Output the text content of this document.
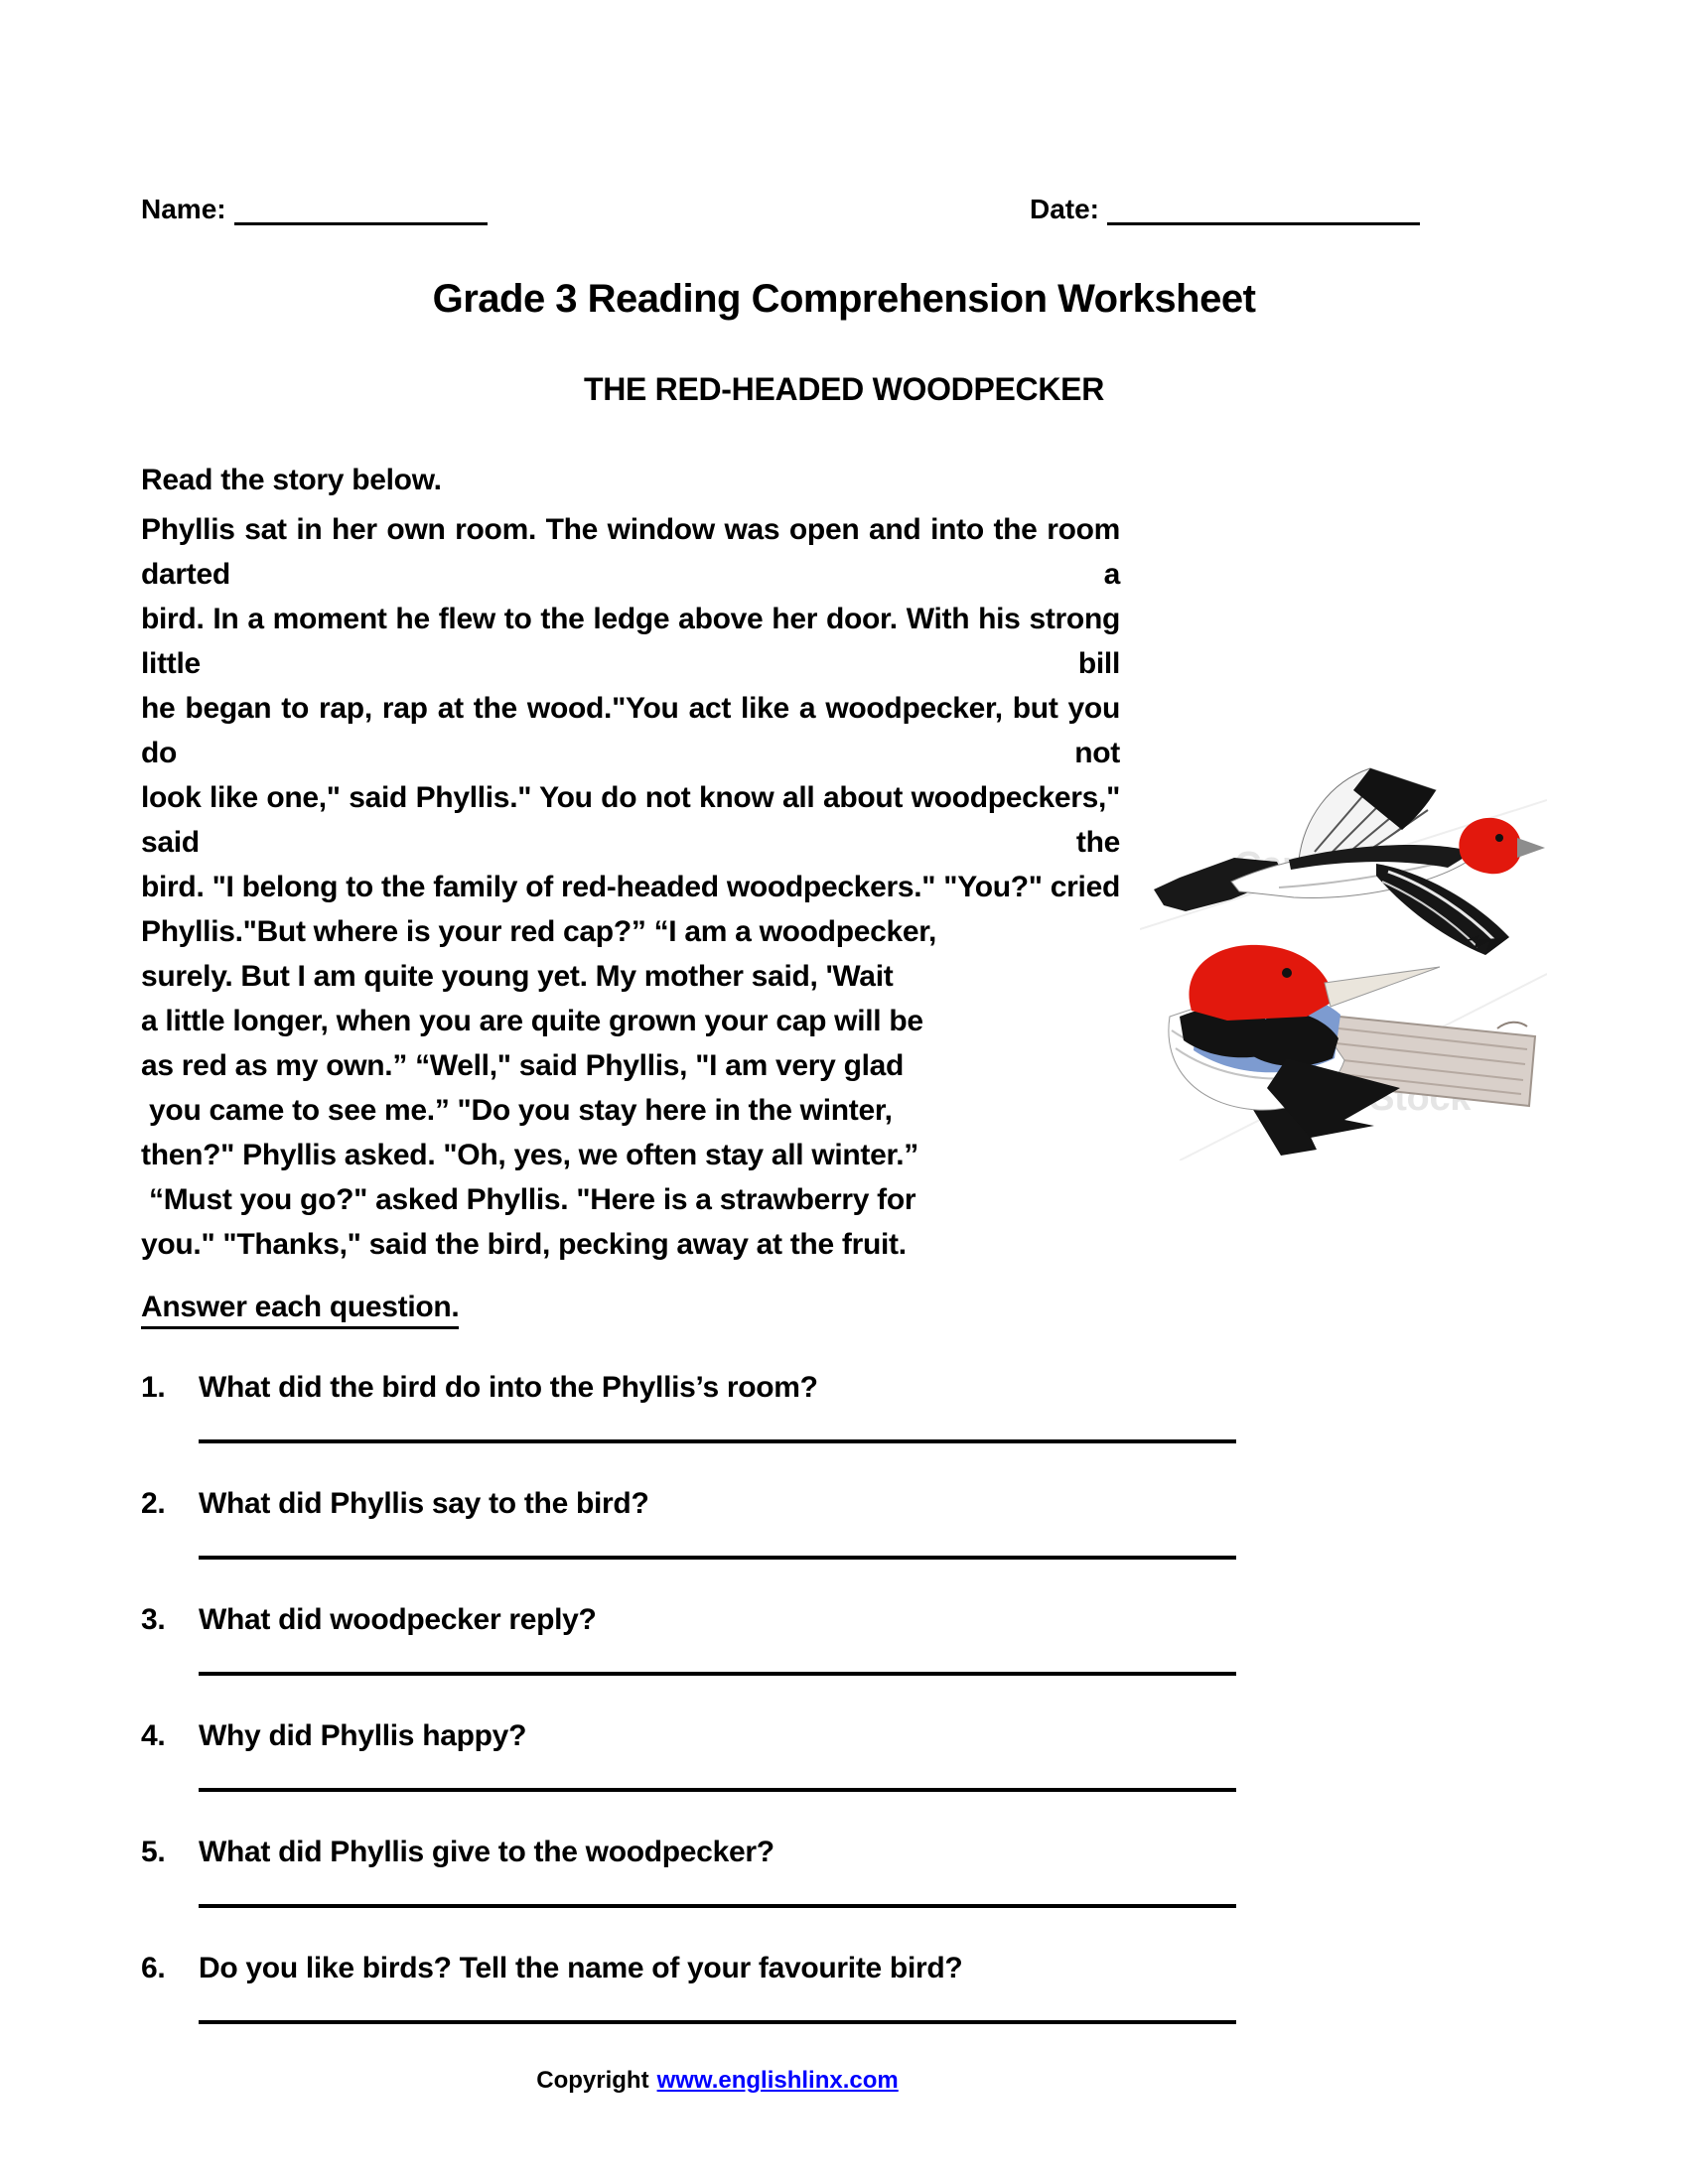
Name:	Date:
Grade 3 Reading Comprehension Worksheet
THE RED-HEADED WOODPECKER
Read the story below.
Stock
Phyllis sat in her own room. The window was open and into the room darted a
bird. In a moment he flew to the ledge above her door. With his strong little bill
he began to rap, rap at the wood."You act like a woodpecker, but you do not
look like one," said Phyllis." You do not know all about woodpeckers," said the
bird. "I belong to the family of red-headed woodpeckers." "You?" cried
Phyllis."But where is your red cap?” “I am a woodpecker,
surely. But I am quite young yet. My mother said, 'Wait
a little longer, when you are quite grown your cap will be
as red as my own.” “Well," said Phyllis, "I am very glad
you came to see me.” "Do you stay here in the winter,
then?" Phyllis asked. "Oh, yes, we often stay all winter.”
“Must you go?" asked Phyllis. "Here is a strawberry for
you." "Thanks," said the bird, pecking away at the fruit.
Answer each question.
1.	What did the bird do into the Phyllis’s room?
2.	What did Phyllis say to the bird?
3.	What did woodpecker reply?
4.	Why did Phyllis happy?
5.	What did Phyllis give to the woodpecker?
6.	Do you like birds? Tell the name of your favourite bird?
Copyright www.englishlinx.com
